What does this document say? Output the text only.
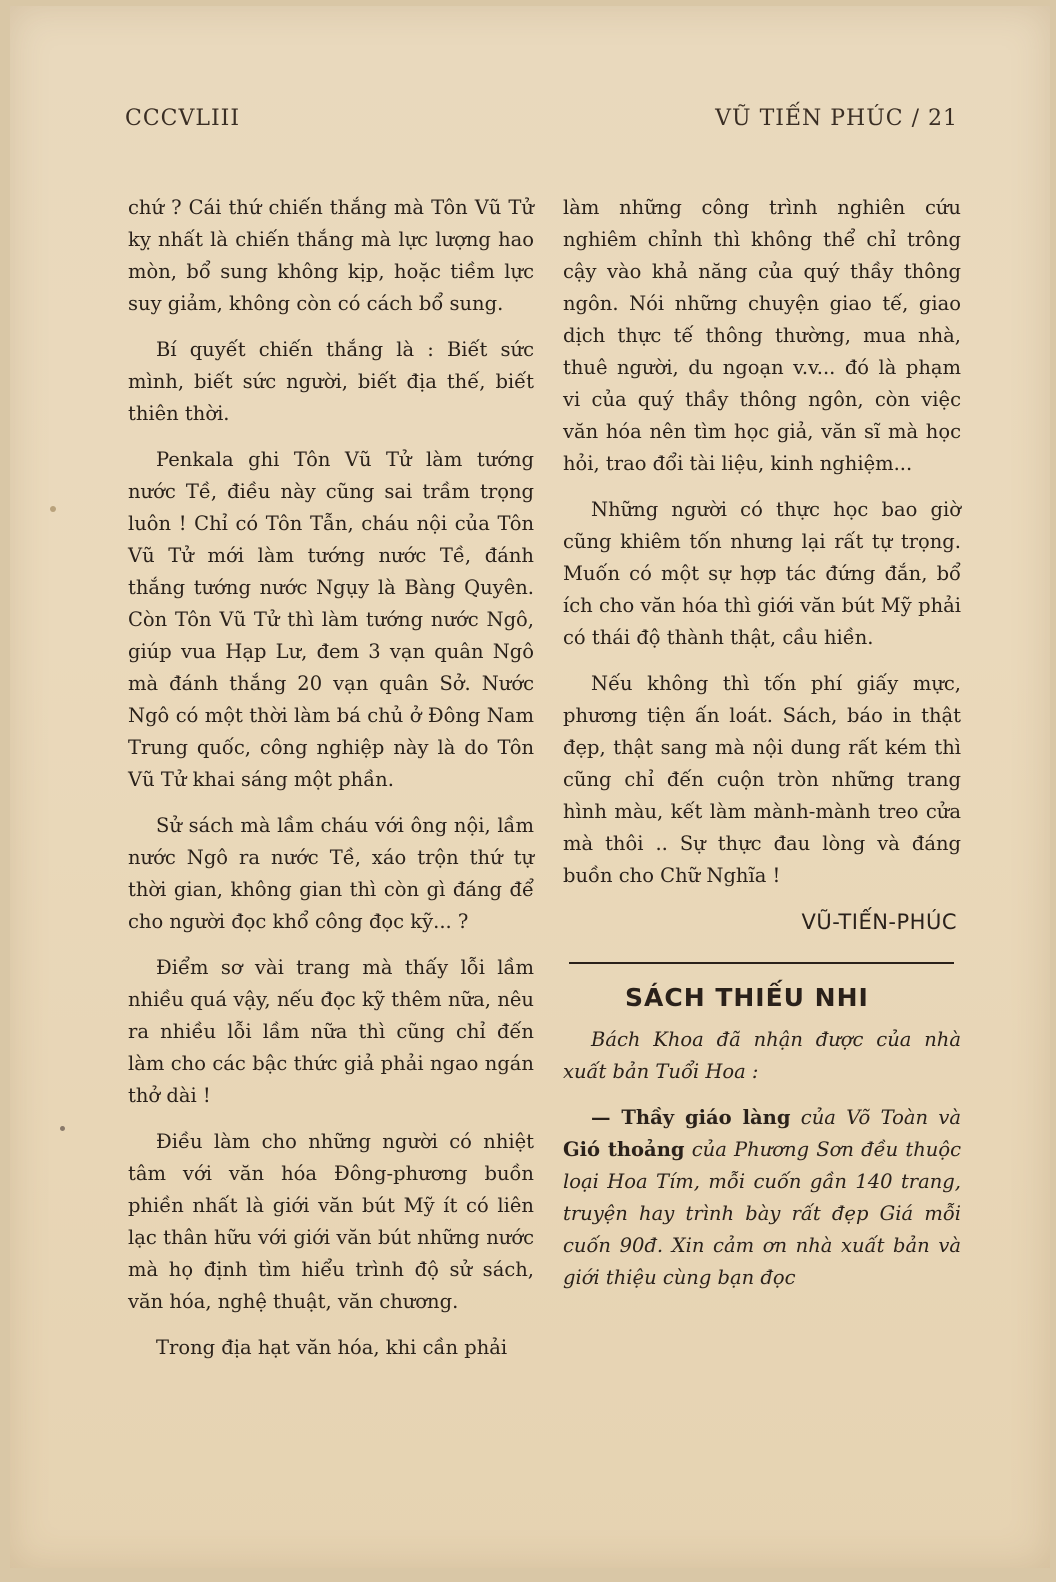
CCCVLIII	VŨ TIẾN PHÚC / 21

chứ ? Cái thứ chiến thắng mà Tôn Vũ Tử kỵ nhất là chiến thắng mà lực lượng hao mòn, bổ sung không kịp, hoặc tiềm lực suy giảm, không còn có cách bổ sung.

Bí quyết chiến thắng là : Biết sức mình, biết sức người, biết địa thế, biết thiên thời.

Penkala ghi Tôn Vũ Tử làm tướng nước Tề, điều này cũng sai trầm trọng luôn ! Chỉ có Tôn Tẫn, cháu nội của Tôn Vũ Tử mới làm tướng nước Tề, đánh thắng tướng nước Ngụy là Bàng Quyên. Còn Tôn Vũ Tử thì làm tướng nước Ngô, giúp vua Hạp Lư, đem 3 vạn quân Ngô mà đánh thắng 20 vạn quân Sở. Nước Ngô có một thời làm bá chủ ở Đông Nam Trung quốc, công nghiệp này là do Tôn Vũ Tử khai sáng một phần.

Sử sách mà lầm cháu với ông nội, lầm nước Ngô ra nước Tề, xáo trộn thứ tự thời gian, không gian thì còn gì đáng để cho người đọc khổ công đọc kỹ... ?

Điểm sơ vài trang mà thấy lỗi lầm nhiều quá vậy, nếu đọc kỹ thêm nữa, nêu ra nhiều lỗi lầm nữa thì cũng chỉ đến làm cho các bậc thức giả phải ngao ngán thở dài !

Điều làm cho những người có nhiệt tâm với văn hóa Đông-phương buồn phiền nhất là giới văn bút Mỹ ít có liên lạc thân hữu với giới văn bút những nước mà họ định tìm hiểu trình độ sử sách, văn hóa, nghệ thuật, văn chương.

Trong địa hạt văn hóa, khi cần phải

làm những công trình nghiên cứu nghiêm chỉnh thì không thể chỉ trông cậy vào khả năng của quý thầy thông ngôn. Nói những chuyện giao tế, giao dịch thực tế thông thường, mua nhà, thuê người, du ngoạn v.v... đó là phạm vi của quý thầy thông ngôn, còn việc văn hóa nên tìm học giả, văn sĩ mà học hỏi, trao đổi tài liệu, kinh nghiệm...

Những người có thực học bao giờ cũng khiêm tốn nhưng lại rất tự trọng. Muốn có một sự hợp tác đứng đắn, bổ ích cho văn hóa thì giới văn bút Mỹ phải có thái độ thành thật, cầu hiền.

Nếu không thì tốn phí giấy mực, phương tiện ấn loát. Sách, báo in thật đẹp, thật sang mà nội dung rất kém thì cũng chỉ đến cuộn tròn những trang hình màu, kết làm mành-mành treo cửa mà thôi .. Sự thực đau lòng và đáng buồn cho Chữ Nghĩa !

VŨ-TIẾN-PHÚC
SÁCH THIẾU NHI

Bách Khoa đã nhận được của nhà xuất bản Tuổi Hoa :

— Thầy giáo làng của Võ Toàn và Gió thoảng của Phương Sơn đều thuộc loại Hoa Tím, mỗi cuốn gần 140 trang, truyện hay trình bày rất đẹp Giá mỗi cuốn 90đ. Xin cảm ơn nhà xuất bản và giới thiệu cùng bạn đọc
